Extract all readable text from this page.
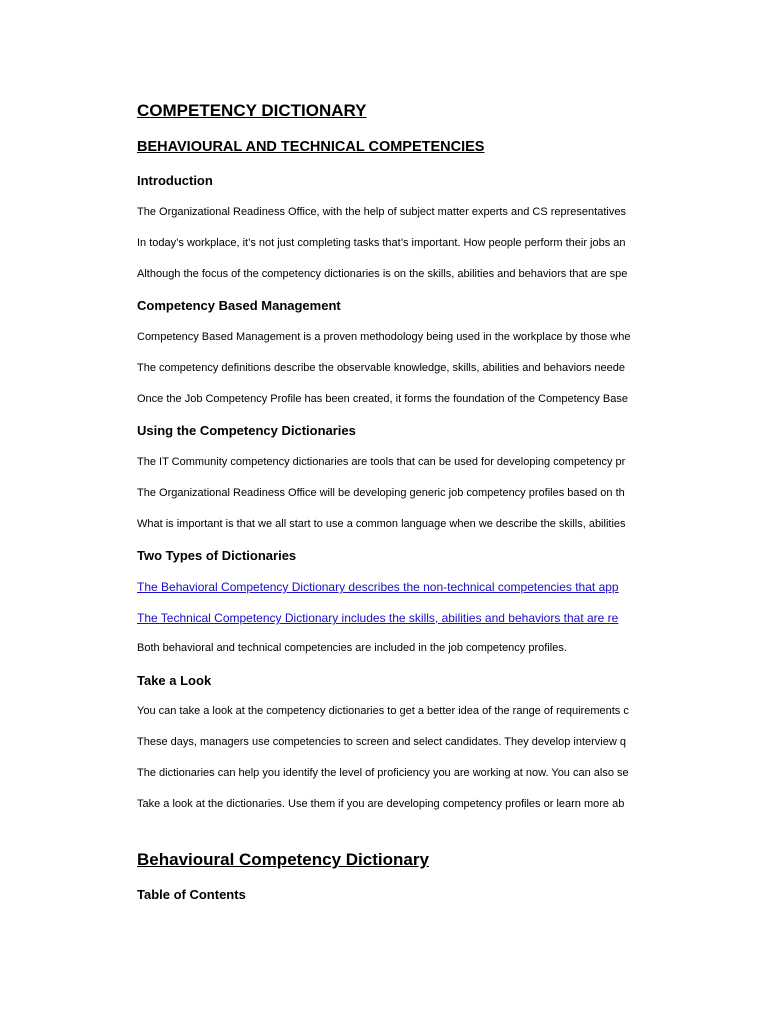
COMPETENCY DICTIONARY
BEHAVIOURAL AND TECHNICAL COMPETENCIES
Introduction
The Organizational Readiness Office, with the help of subject matter experts and CS representatives
In today’s workplace, it’s not just completing tasks that’s important. How people perform their jobs an
Although the focus of the competency dictionaries is on the skills, abilities and behaviors that are spe
Competency Based Management
Competency Based Management is a proven methodology being used in the workplace by those whe
The competency definitions describe the observable knowledge, skills, abilities and behaviors neede
Once the Job Competency Profile has been created, it forms the foundation of the Competency Base
Using the Competency Dictionaries
The IT Community competency dictionaries are tools that can be used for developing competency pr
The Organizational Readiness Office will be developing generic job competency profiles based on th
What is important is that we all start to use a common language when we describe the skills, abilities
Two Types of Dictionaries
The Behavioral Competency Dictionary describes the non-technical competencies that app
The Technical Competency Dictionary includes the skills, abilities and behaviors that are re
Both behavioral and technical competencies are included in the job competency profiles.
Take a Look
You can take a look at the competency dictionaries to get a better idea of the range of requirements c
These days, managers use competencies to screen and select candidates. They develop interview q
The dictionaries can help you identify the level of proficiency you are working at now. You can also se
Take a look at the dictionaries. Use them if you are developing competency profiles or learn more ab
Behavioural Competency Dictionary
Table of Contents
